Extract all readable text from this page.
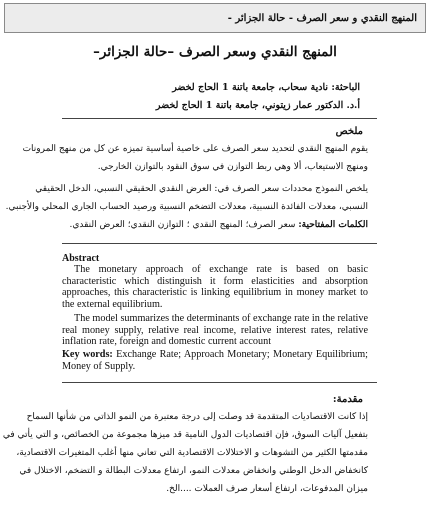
المنهج النقدي و سعر الصرف - حالة الجزائر -
المنهج النقدي وسعر الصرف –حالة الجزائر–
الباحثة: نادية سحاب، جامعة باتنة 1 الحاج لخضر
أ.د. الدكتور عمار زيتوني، جامعة باتنة 1 الحاج لخضر
ملخص
يقوم المنهج النقدي لتحديد سعر الصرف على خاصية أساسية تميزه عن كل من منهج المرونات
ومنهج الاستيعاب، ألا وهي ربط التوازن في سوق النقود بالتوازن الخارجي.
يلخص النموذج محددات سعر الصرف في: العرض النقدي الحقيقي النسبي، الدخل الحقيقي
النسبي، معدلات الفائدة النسبية، معدلات التضخم النسبية ورصيد الحساب الجاري المحلي والأجنبي.
الكلمات المفتاحية: سعر الصرف؛ المنهج النقدي ؛ التوازن النقدي؛ العرض النقدي.
Abstract
The monetary approach of exchange rate is based on basic characteristic which distinguish it form elasticities and absorption approaches, this characteristic is linking equilibrium in money market to the external equilibrium.
The model summarizes the determinants of exchange rate in the relative real money supply, relative real income, relative interest rates, relative inflation rate, foreign and domestic current account
Key words: Exchange Rate; Approach Monetary; Monetary Equilibrium; Money of Supply.
مقدمة:
إذا كانت الاقتصاديات المتقدمة قد وصلت إلى درجة معتبرة من النمو الذاتي من شأنها السماح
بتفعيل آليات السوق، فإن اقتصاديات الدول النامية قد ميزها مجموعة من الخصائص، و التي يأتي في
مقدمتها الكثير من التشوهات و الاختلالات الاقتصادية التي تعاني منها أغلب المتغيرات الاقتصادية،
كانخفاض الدخل الوطني وانخفاض معدلات النمو، ارتفاع معدلات البطالة و التضخم، الاختلال في
ميزان المدفوعات، ارتفاع أسعار صرف العملات ....الخ.
